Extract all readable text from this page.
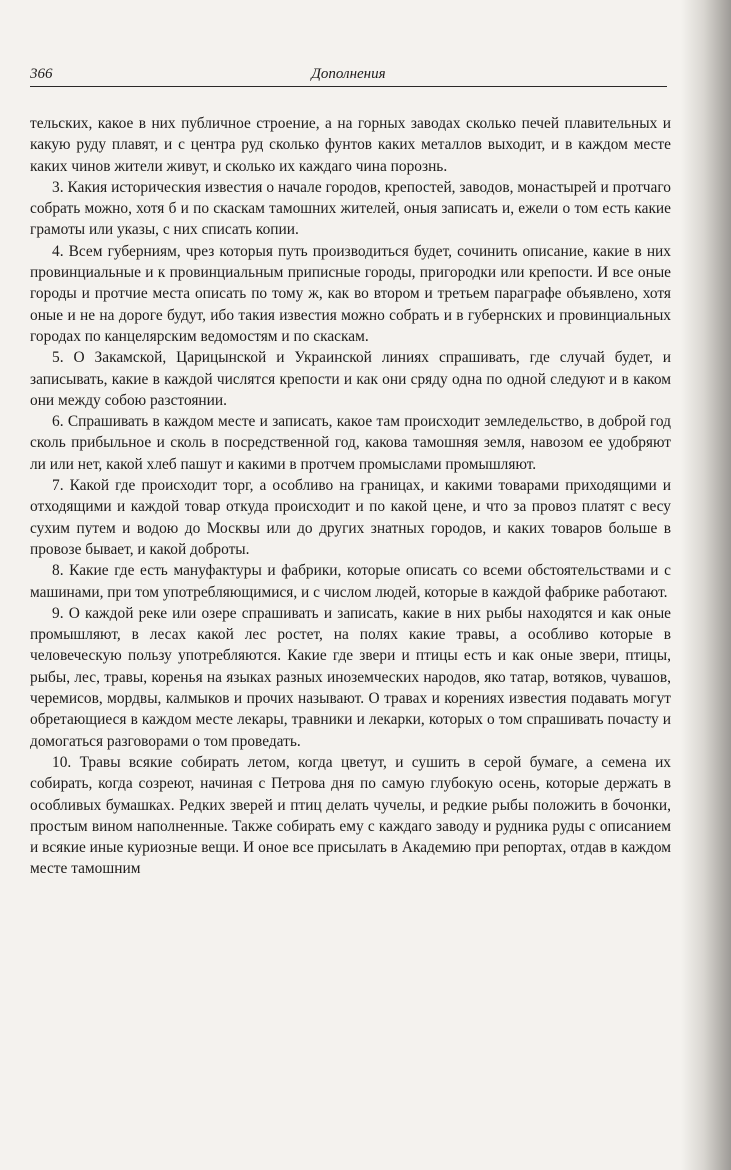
366	Дополнения

тельских, какое в них публичное строение, а на горных заводах сколько печей плавительных и какую руду плавят, и с центра руд сколько фунтов каких металлов выходит, и в каждом месте каких чинов жители живут, и сколько их каждаго чина порознь.

3. Какия историческия известия о начале городов, крепостей, заводов, монастырей и протчаго собрать можно, хотя б и по скаскам тамошних жителей, оныя записать и, ежели о том есть какие грамоты или указы, с них списать копии.

4. Всем губерниям, чрез которыя путь производиться будет, сочинить описание, какие в них провинциальные и к провинциальным приписные городы, пригородки или крепости. И все оные городы и протчие места описать по тому ж, как во втором и третьем параграфе объявлено, хотя оные и не на дороге будут, ибо такия известия можно собрать и в губернских и провинциальных городах по канцелярским ведомостям и по скаскам.

5. О Закамской, Царицынской и Украинской линиях спрашивать, где случай будет, и записывать, какие в каждой числятся крепости и как они сряду одна по одной следуют и в каком они между собою разстоянии.

6. Спрашивать в каждом месте и записать, какое там происходит земледельство, в доброй год сколь прибыльное и сколь в посредственной год, какова тамошняя земля, навозом ее удобряют ли или нет, какой хлеб пашут и какими в протчем промыслами промышляют.

7. Какой где происходит торг, а особливо на границах, и какими товарами приходящими и отходящими и каждой товар откуда происходит и по какой цене, и что за провоз платят с весу сухим путем и водою до Москвы или до других знатных городов, и каких товаров больше в провозе бывает, и какой доброты.

8. Какие где есть мануфактуры и фабрики, которые описать со всеми обстоятельствами и с машинами, при том употребляющимися, и с числом людей, которые в каждой фабрике работают.

9. О каждой реке или озере спрашивать и записать, какие в них рыбы находятся и как оные промышляют, в лесах какой лес ростет, на полях какие травы, а особливо которые в человеческую пользу употребляются. Какие где звери и птицы есть и как оные звери, птицы, рыбы, лес, травы, коренья на языках разных иноземческих народов, яко татар, вотяков, чувашов, черемисов, мордвы, калмыков и прочих называют. О травах и корениях известия подавать могут обретающиеся в каждом месте лекары, травники и лекарки, которых о том спрашивать почасту и домогаться разговорами о том проведать.

10. Травы всякие собирать летом, когда цветут, и сушить в серой бумаге, а семена их собирать, когда созреют, начиная с Петрова дня по самую глубокую осень, которые держать в особливых бумашках. Редких зверей и птиц делать чучелы, и редкие рыбы положить в бочонки, простым вином наполненные. Также собирать ему с каждаго заводу и рудника руды с описанием и всякие иные куриозные вещи. И оное все присылать в Академию при репортах, отдав в каждом месте тамошним
